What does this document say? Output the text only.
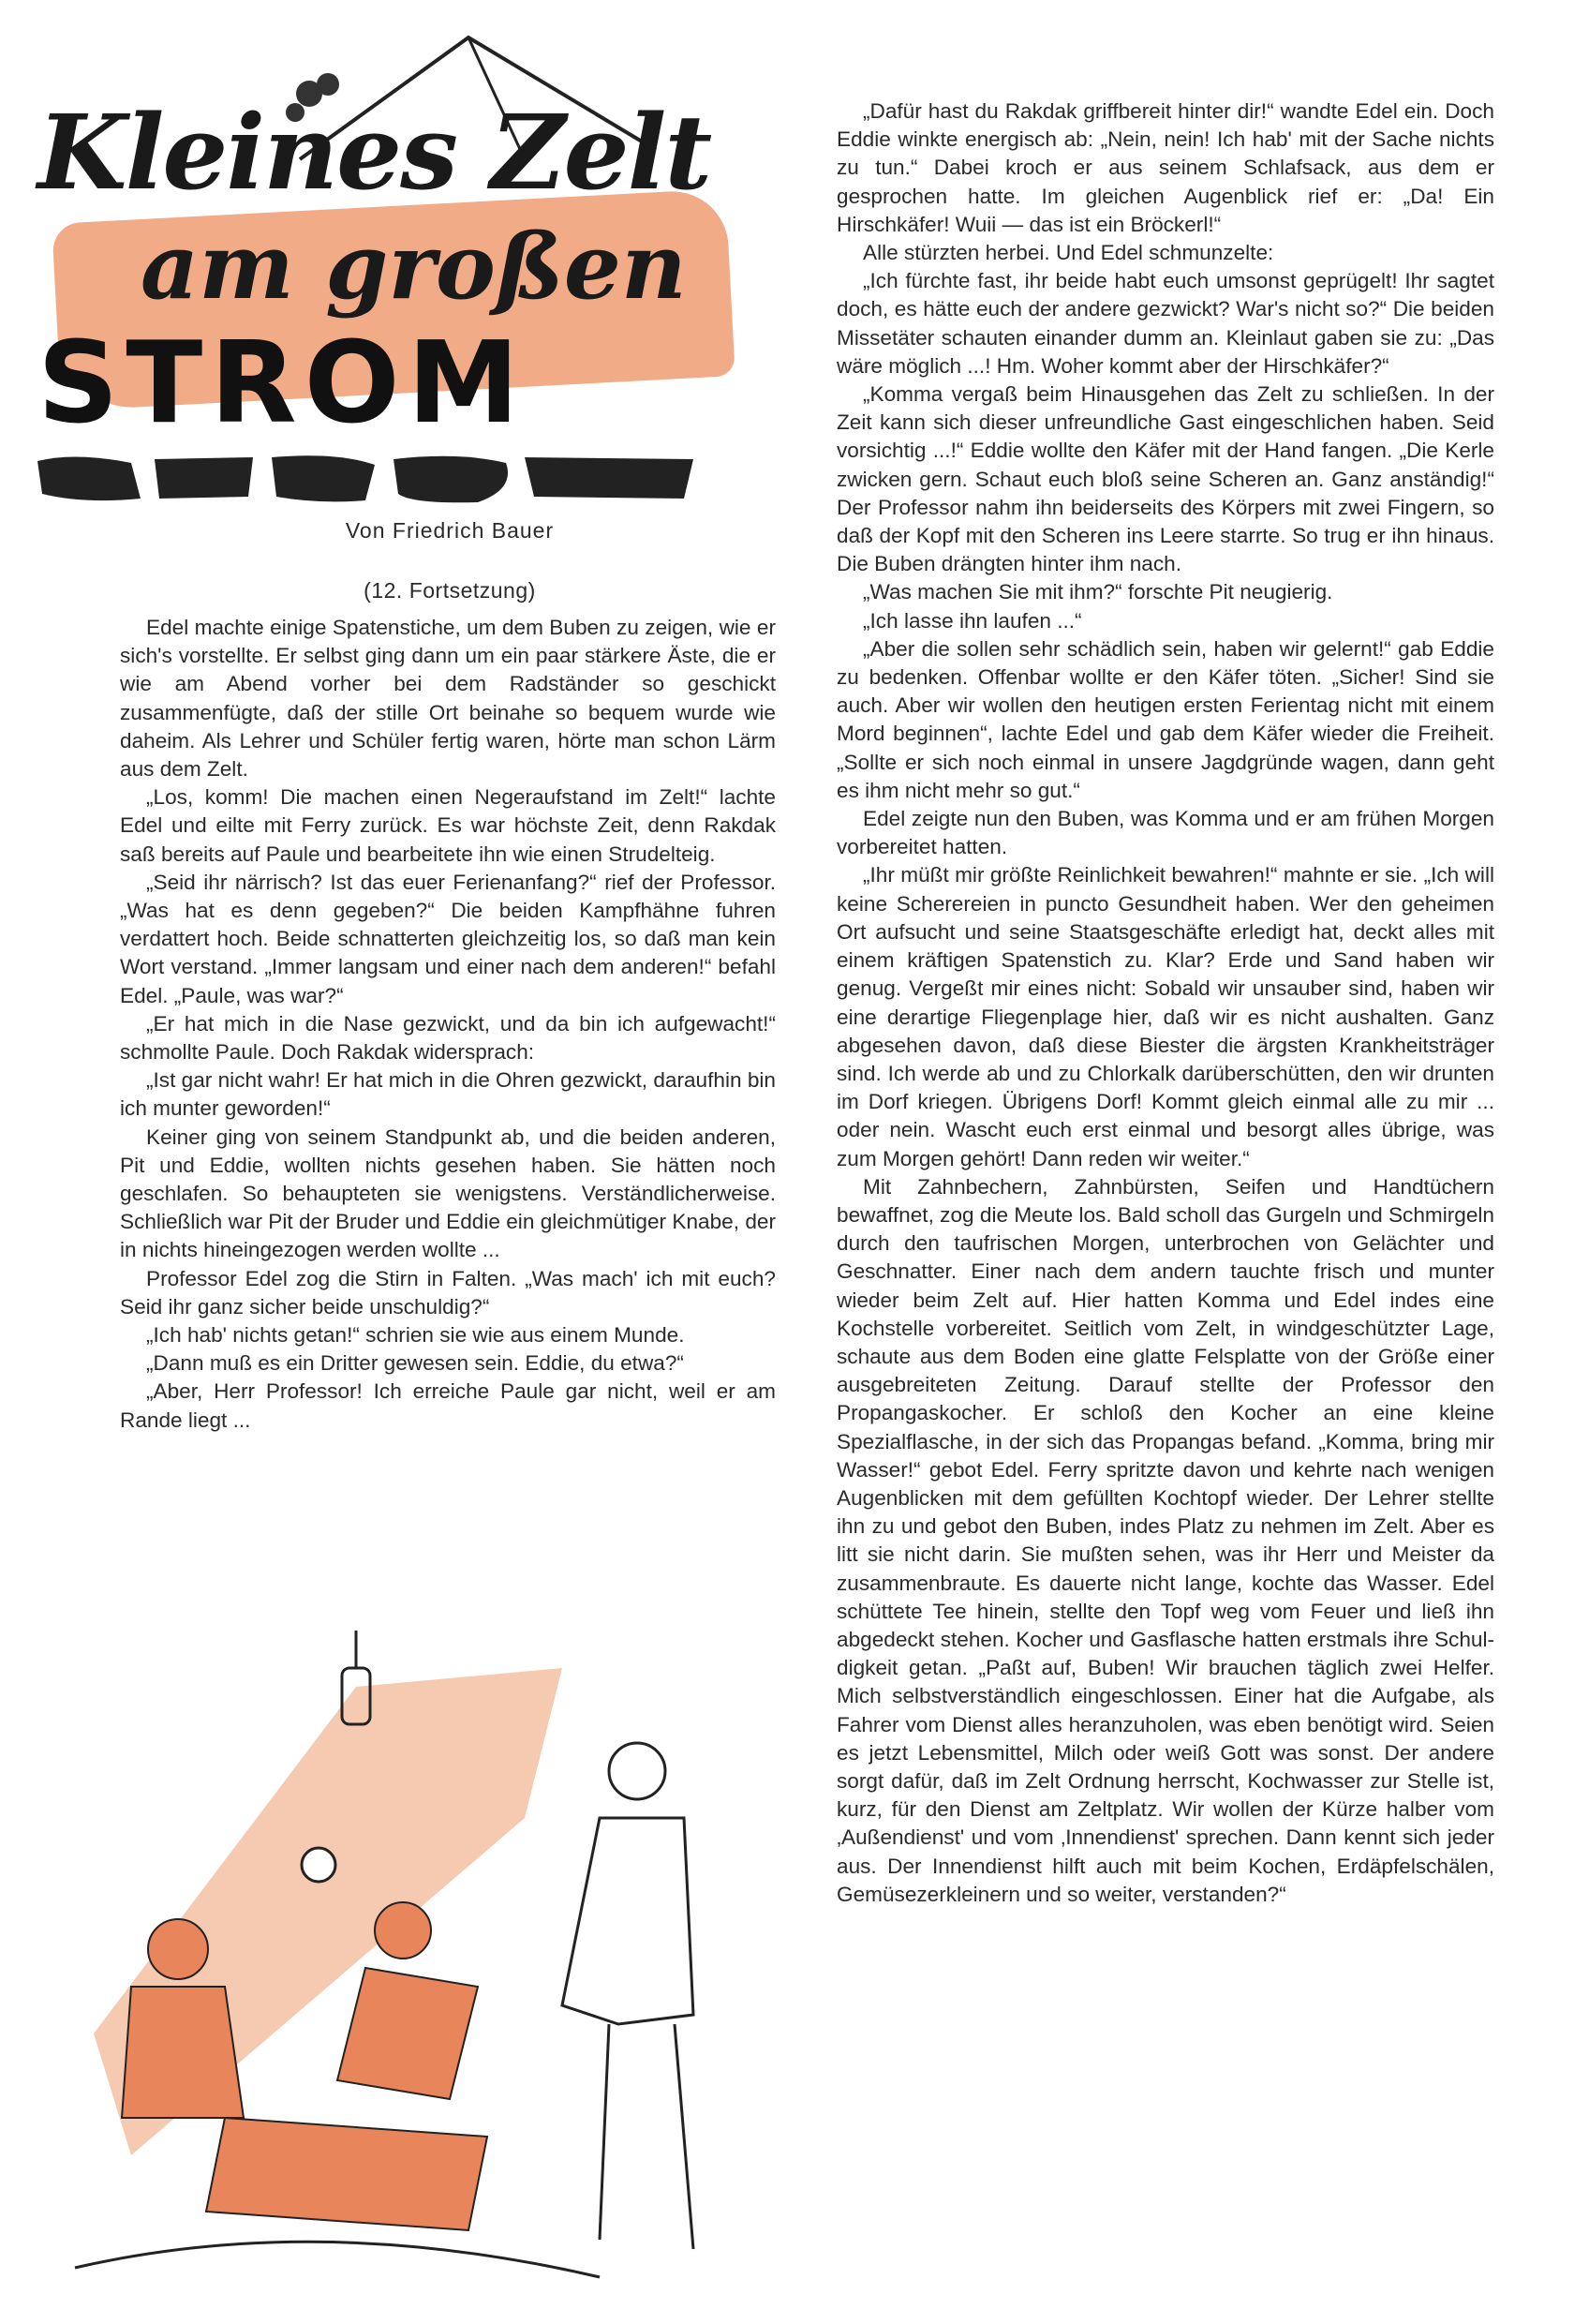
Kleines Zelt
am großen
STROM
Von Friedrich Bauer
(12. Fortsetzung)

Edel machte einige Spatenstiche, um dem Buben zu zeigen, wie er sich's vorstellte. Er selbst ging dann um ein paar stärkere Äste, die er wie am Abend vorher bei dem Radständer so geschickt zusammenfügte, daß der stille Ort beinahe so bequem wurde wie daheim. Als Lehrer und Schüler fertig waren, hörte man schon Lärm aus dem Zelt.

„Los, komm! Die machen einen Negeraufstand im Zelt!“ lachte Edel und eilte mit Ferry zurück. Es war höchste Zeit, denn Rakdak saß bereits auf Paule und bearbeitete ihn wie einen Strudelteig.

„Seid ihr närrisch? Ist das euer Ferienanfang?“ rief der Professor. „Was hat es denn gegeben?“ Die beiden Kampfhähne fuhren verdattert hoch. Beide schnatterten gleichzeitig los, so daß man kein Wort verstand. „Immer langsam und einer nach dem anderen!“ befahl Edel. „Paule, was war?“

„Er hat mich in die Nase gezwickt, und da bin ich aufgewacht!“ schmollte Paule. Doch Rakdak widersprach:

„Ist gar nicht wahr! Er hat mich in die Ohren gezwickt, daraufhin bin ich munter geworden!“

Keiner ging von seinem Standpunkt ab, und die beiden anderen, Pit und Eddie, wollten nichts gesehen haben. Sie hätten noch geschlafen. So behaupteten sie wenigstens. Verständlicherweise. Schließlich war Pit der Bruder und Eddie ein gleichmütiger Knabe, der in nichts hineingezogen werden wollte ...

Professor Edel zog die Stirn in Falten. „Was mach' ich mit euch? Seid ihr ganz sicher beide unschuldig?“

„Ich hab' nichts getan!“ schrien sie wie aus einem Munde.

„Dann muß es ein Dritter gewesen sein. Eddie, du etwa?“

„Aber, Herr Professor! Ich erreiche Paule gar nicht, weil er am Rande liegt ...

„Dafür hast du Rakdak griffbereit hinter dir!“ wandte Edel ein. Doch Eddie winkte energisch ab: „Nein, nein! Ich hab' mit der Sache nichts zu tun.“ Dabei kroch er aus seinem Schlafsack, aus dem er gesprochen hatte. Im gleichen Augenblick rief er: „Da! Ein Hirschkäfer! Wuii — das ist ein Bröckerl!“

Alle stürzten herbei. Und Edel schmunzelte:

„Ich fürchte fast, ihr beide habt euch umsonst geprügelt! Ihr sagtet doch, es hätte euch der andere gezwickt? War's nicht so?“ Die beiden Missetäter schauten einander dumm an. Kleinlaut gaben sie zu: „Das wäre möglich ...! Hm. Woher kommt aber der Hirschkäfer?“

„Komma vergaß beim Hinausgehen das Zelt zu schließen. In der Zeit kann sich dieser unfreundliche Gast eingeschlichen haben. Seid vorsichtig ...!“ Eddie wollte den Käfer mit der Hand fangen. „Die Kerle zwicken gern. Schaut euch bloß seine Scheren an. Ganz anständig!“ Der Professor nahm ihn beiderseits des Körpers mit zwei Fingern, so daß der Kopf mit den Scheren ins Leere starrte. So trug er ihn hinaus. Die Buben drängten hinter ihm nach.

„Was machen Sie mit ihm?“ forschte Pit neugierig.

„Ich lasse ihn laufen ...“

„Aber die sollen sehr schädlich sein, haben wir gelernt!“ gab Eddie zu bedenken. Offenbar wollte er den Käfer töten. „Sicher! Sind sie auch. Aber wir wollen den heutigen ersten Ferientag nicht mit einem Mord beginnen“, lachte Edel und gab dem Käfer wieder die Freiheit. „Sollte er sich noch einmal in unsere Jagdgründe wagen, dann geht es ihm nicht mehr so gut.“

Edel zeigte nun den Buben, was Komma und er am frühen Morgen vorbereitet hatten.

„Ihr müßt mir größte Reinlichkeit bewahren!“ mahnte er sie. „Ich will keine Scherereien in puncto Gesundheit haben. Wer den geheimen Ort aufsucht und seine Staatsgeschäfte erledigt hat, deckt alles mit einem kräftigen Spatenstich zu. Klar? Erde und Sand haben wir genug. Vergeßt mir eines nicht: Sobald wir unsauber sind, haben wir eine derartige Fliegenplage hier, daß wir es nicht aushalten. Ganz abgesehen davon, daß diese Biester die ärgsten Krankheitsträger sind. Ich werde ab und zu Chlorkalk darüberschütten, den wir drunten im Dorf kriegen. Übrigens Dorf! Kommt gleich einmal alle zu mir ... oder nein. Wascht euch erst einmal und besorgt alles übrige, was zum Morgen gehört! Dann reden wir weiter.“

Mit Zahnbechern, Zahnbürsten, Seifen und Handtüchern bewaffnet, zog die Meute los. Bald scholl das Gurgeln und Schmirgeln durch den taufrischen Morgen, unterbrochen von Gelächter und Geschnatter. Einer nach dem andern tauchte frisch und munter wieder beim Zelt auf. Hier hatten Komma und Edel indes eine Kochstelle vorbereitet. Seitlich vom Zelt, in windgeschützter Lage, schaute aus dem Boden eine glatte Felsplatte von der Größe einer ausgebreiteten Zeitung. Darauf stellte der Professor den Propangaskocher. Er schloß den Kocher an eine kleine Spezialflasche, in der sich das Propangas befand. „Komma, bring mir Wasser!“ gebot Edel. Ferry spritzte davon und kehrte nach wenigen Augenblicken mit dem gefüllten Kochtopf wieder. Der Lehrer stellte ihn zu und gebot den Buben, indes Platz zu nehmen im Zelt. Aber es litt sie nicht darin. Sie mußten sehen, was ihr Herr und Meister da zusammenbraute. Es dauerte nicht lange, kochte das Wasser. Edel schüttete Tee hinein, stellte den Topf weg vom Feuer und ließ ihn abgedeckt stehen. Kocher und Gasflasche hatten erstmals ihre Schuldigkeit getan. „Paßt auf, Buben! Wir brauchen täglich zwei Helfer. Mich selbstverständlich eingeschlossen. Einer hat die Aufgabe, als Fahrer vom Dienst alles heranzuholen, was eben benötigt wird. Seien es jetzt Lebensmittel, Milch oder weiß Gott was sonst. Der andere sorgt dafür, daß im Zelt Ordnung herrscht, Kochwasser zur Stelle ist, kurz, für den Dienst am Zeltplatz. Wir wollen der Kürze halber vom ‚Außendienst' und vom ‚Innendienst' sprechen. Dann kennt sich jeder aus. Der Innendienst hilft auch mit beim Kochen, Erdäpfelschälen, Gemüsezerkleinern und so weiter, verstanden?“
